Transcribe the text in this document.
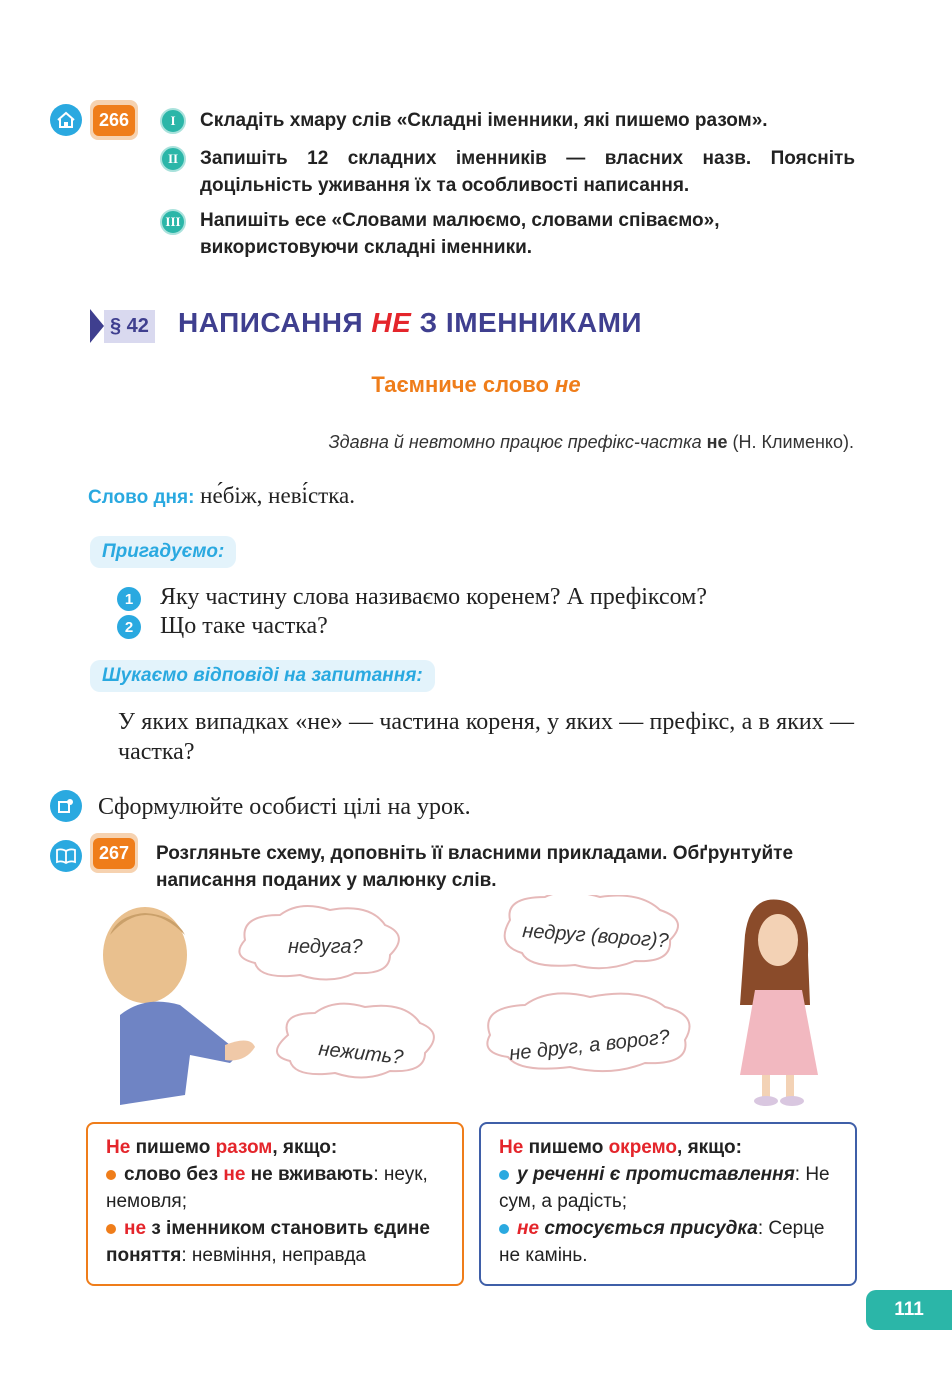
266	I	Складіть хмару слів «Складні іменники, які пишемо разом».
II	Запишіть 12 складних іменників — власних назв. Поясніть доцільність уживання їх та особливості написання.
III Напишіть есе «Словами малюємо, словами співаємо», використовуючи складні іменники.
§ 42 НАПИСАННЯ НЕ З ІМЕННИКАМИ
Таємниче слово не
Здавна й невтомно працює префікс-частка не (Н. Клименко).
Слово дня: не́біж, неві́стка.
Пригадуємо:
1	Яку частину слова називаємо коренем? А префіксом?
2	Що таке частка?
Шукаємо відповіді на запитання:
У яких випадках «не» — частина кореня, у яких — префікс, а в яких — частка?
Сформулюйте особисті цілі на урок.
267	Розгляньте схему, доповніть її власними прикладами. Обґрунтуйте написання поданих у малюнку слів.
недуга?
нежить?
недруг (ворог)?
не друг, а ворог?
Не пишемо разом, якщо:
слово без не не вживають: неук, немовля;
не з іменником становить єдине поняття: невміння, неправда
Не пишемо окремо, якщо:
у реченні є протиставлення: Не сум, а радість;
не стосується присудка: Серце не камінь.
111
